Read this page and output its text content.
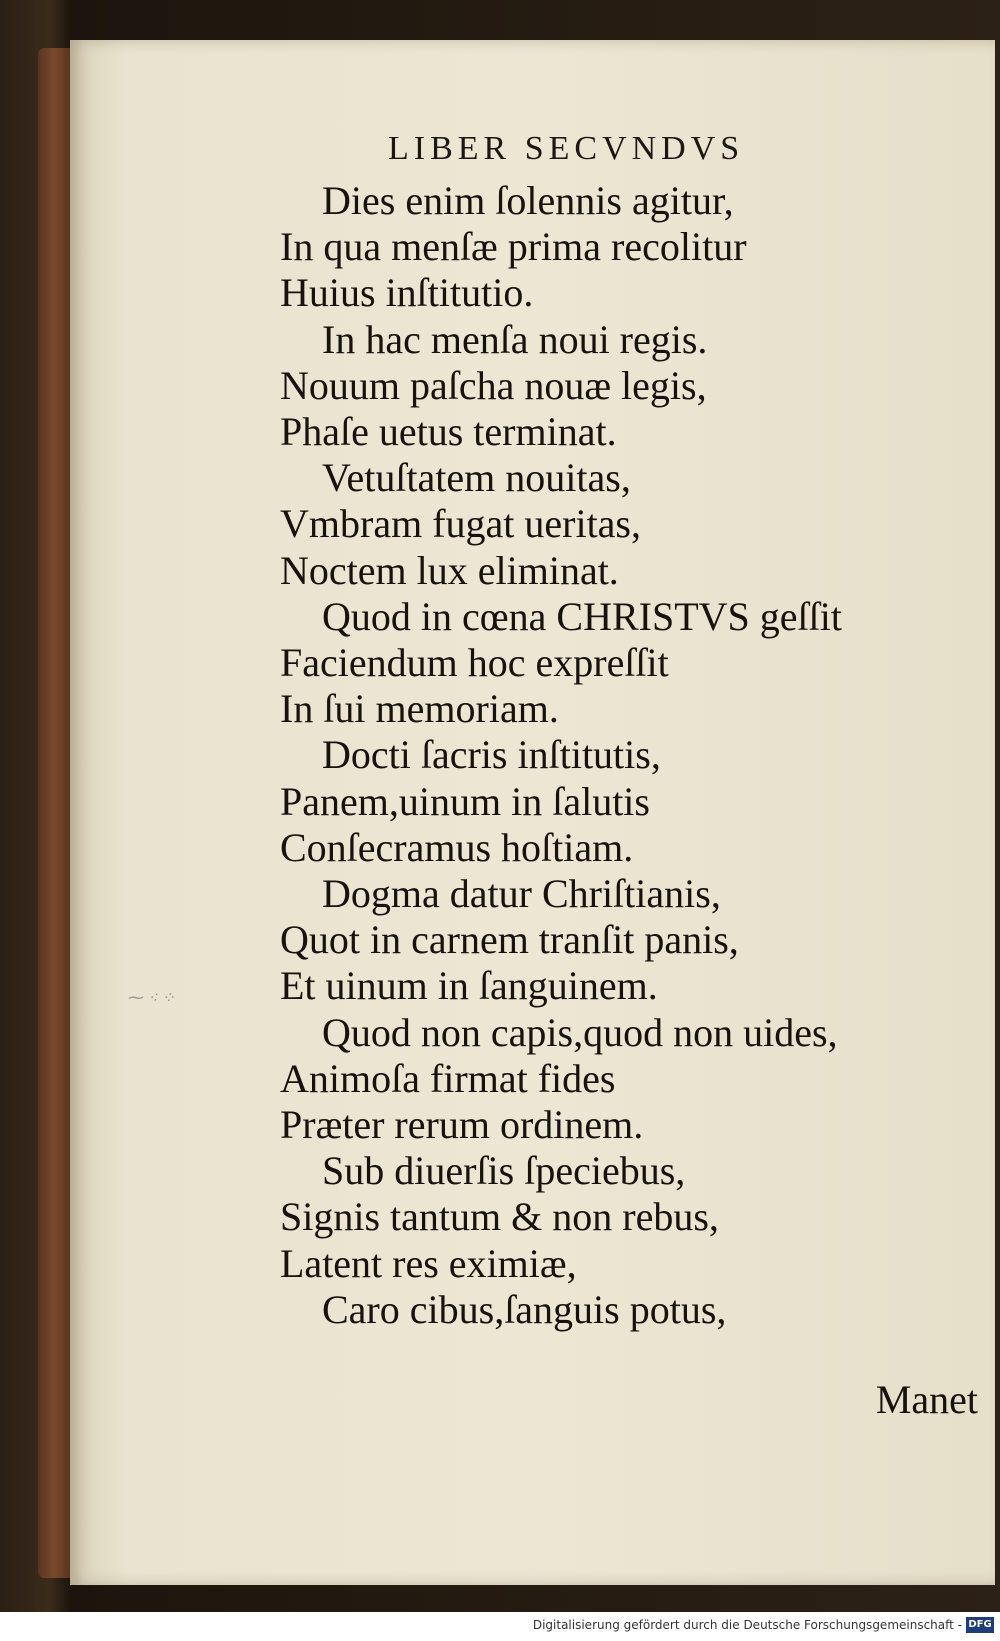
LIBER SECVNDVS
Dies enim ſolennis agitur,
In qua menſæ prima recolitur
Huius inſtitutio.
In hac menſa noui regis.
Nouum paſcha nouæ legis,
Phaſe uetus terminat.
Vetuſtatem nouitas,
Vmbram fugat ueritas,
Noctem lux eliminat.
Quod in cœna CHRISTVS geſſit
Faciendum hoc expreſſit
In ſui memoriam.
Docti ſacris inſtitutis,
Panem,uinum in ſalutis
Conſecramus hoſtiam.
Dogma datur Chriſtianis,
Quot in carnem tranſit panis,
Et uinum in ſanguinem.
Quod non capis,quod non uides,
Animoſa firmat fides
Præter rerum ordinem.
Sub diuerſis ſpeciebus,
Signis tantum & non rebus,
Latent res eximiæ,
Caro cibus,ſanguis potus,
⁓ ⁖ ⁘
Manet
Digitalisierung gefördert durch die Deutsche Forschungsgemeinschaft - DFG
